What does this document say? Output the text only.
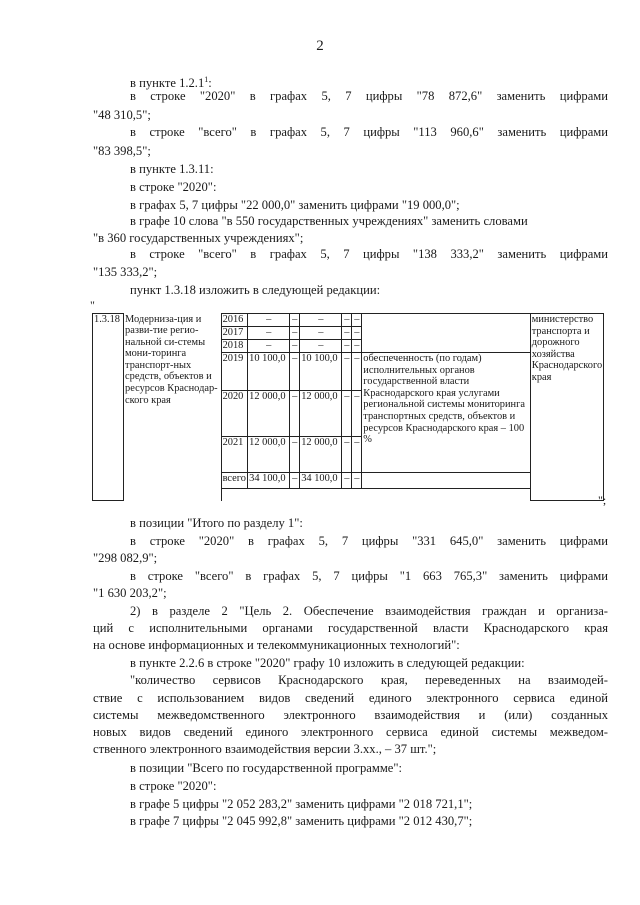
2
в пункте 1.2.1$^1$:
в строке "2020" в графах 5, 7 цифры "78 872,6" заменить цифрами
"48 310,5";
в строке "всего" в графах 5, 7 цифры "113 960,6" заменить цифрами
"83 398,5";
в пункте 1.3.11:
в строке "2020":
в графах 5, 7 цифры "22 000,0" заменить цифрами "19 000,0";
в графе 10 слова "в 550 государственных учреждениях" заменить словами
"в 360 государственных учреждениях";
в строке "всего" в графах 5, 7 цифры "138 333,2" заменить цифрами
"135 333,2";
пункт 1.3.18 изложить в следующей редакции:
"
1.3.18	Модерниза-ция и разви-тие регио-нальной си-стемы мони-торинга транспорт-ных средств, объектов и ресурсов Краснодар-ского края	2016	–	–	–	–	–		министерство транспорта и дорожного хозяйства Краснодарского края
		2017	–	–	–	–	–		
		2018	–	–	–	–	–		
		2019	10 100,0	–	10 100,0	–	–	обеспеченность (по годам) исполнительных органов государственной власти Краснодарского края услугами региональной системы мониторинга транспортных средств, объектов и ресурсов Краснодарского края – 100 %	
		2020	12 000,0	–	12 000,0	–	–		
		2021	12 000,0	–	12 000,0	–	–		
		всего	34 100,0	–	34 100,0	–	–		

";
в позиции "Итого по разделу 1":
в строке "2020" в графах 5, 7 цифры "331 645,0" заменить цифрами
"298 082,9";
в строке "всего" в графах 5, 7 цифры "1 663 765,3" заменить цифрами
"1 630 203,2";
2) в разделе 2 "Цель 2. Обеспечение взаимодействия граждан и организа-
ций с исполнительными органами государственной власти Краснодарского края
на основе информационных и телекоммуникационных технологий":
в пункте 2.2.6 в строке "2020" графу 10 изложить в следующей редакции:
"количество сервисов Краснодарского края, переведенных на взаимодей-
ствие с использованием видов сведений единого электронного сервиса единой
системы межведомственного электронного взаимодействия и (или) созданных
новых видов сведений единого электронного сервиса единой системы межведом-
ственного электронного взаимодействия версии 3.хх., – 37 шт.";
в позиции "Всего по государственной программе":
в строке "2020":
в графе 5 цифры "2 052 283,2" заменить цифрами "2 018 721,1";
в графе 7 цифры "2 045 992,8" заменить цифрами "2 012 430,7";
